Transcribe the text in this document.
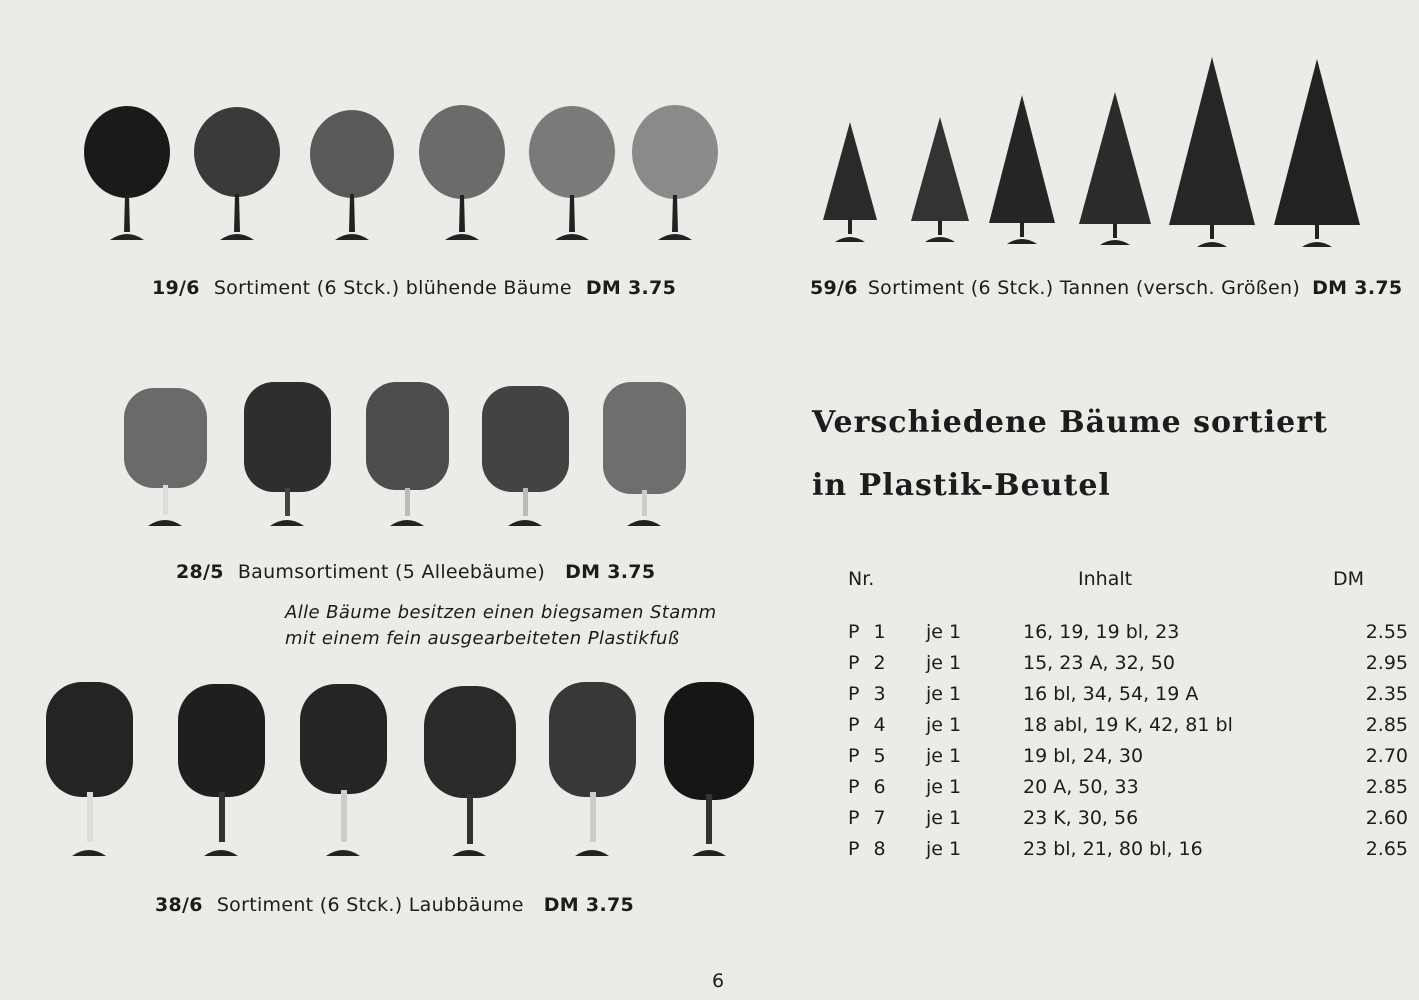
19/6 Sortiment (6 Stck.) blühende Bäume DM 3.75	59/6 Sortiment (6 Stck.) Tannen (versch. Größen) DM 3.75
28/5 Baumsortiment (5 Alleebäume) DM 3.75
Alle Bäume besitzen einen biegsamen Stamm
mit einem fein ausgearbeiteten Plastikfuß
38/6 Sortiment (6 Stck.) Laubbäume DM 3.75
Verschiedene Bäume sortiert
in Plastik-Beutel
Nr.		Inhalt	DM
P 1	je 1	16, 19, 19 bl, 23	2.55
P 2	je 1	15, 23 A, 32, 50	2.95
P 3	je 1	16 bl, 34, 54, 19 A	2.35
P 4	je 1	18 abl, 19 K, 42, 81 bl	2.85
P 5	je 1	19 bl, 24, 30	2.70
P 6	je 1	20 A, 50, 33	2.85
P 7	je 1	23 K, 30, 56	2.60
P 8	je 1	23 bl, 21, 80 bl, 16	2.65
6
